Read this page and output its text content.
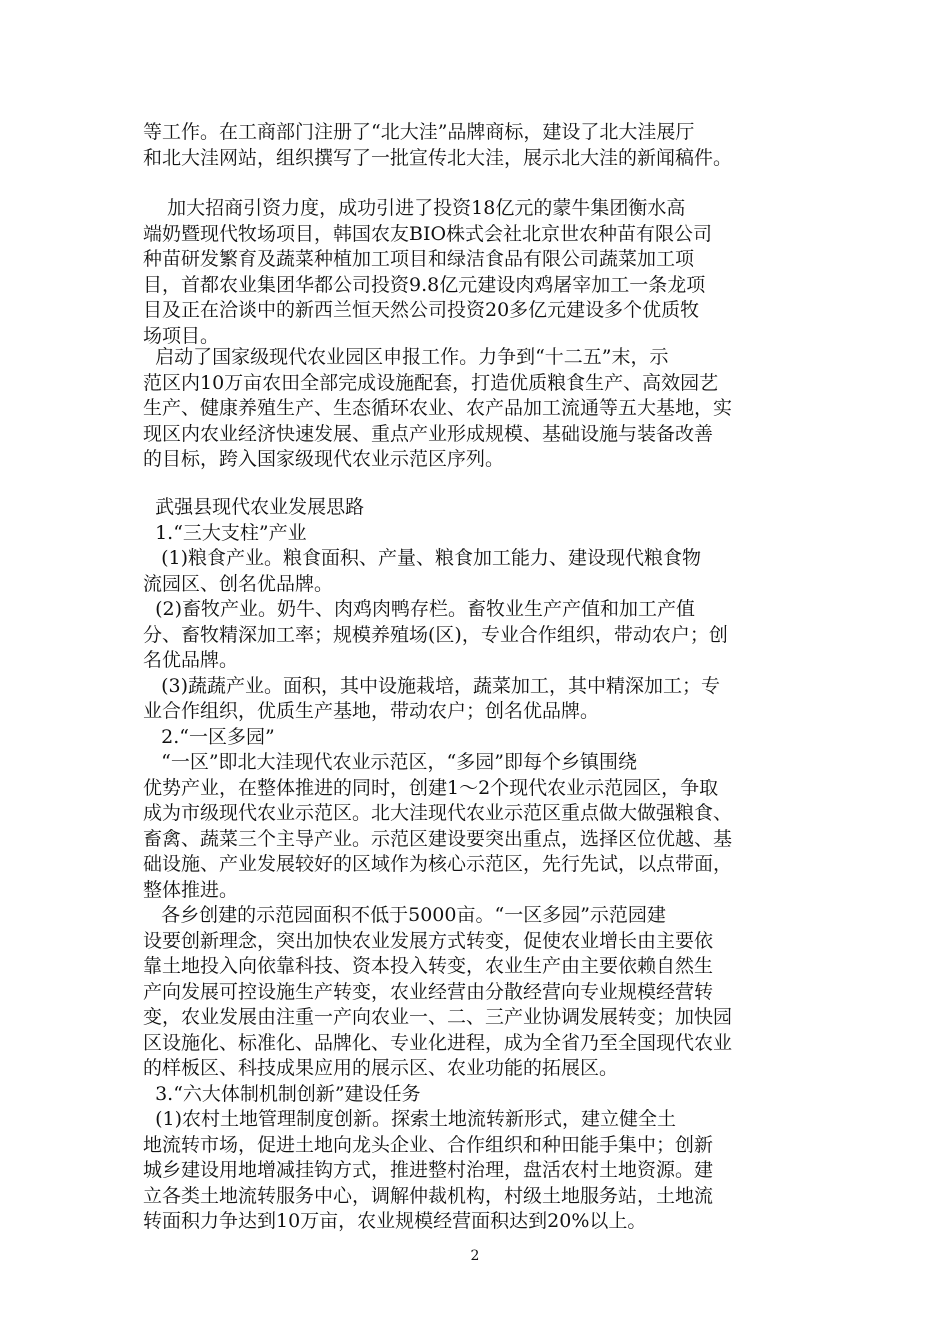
等工作。在工商部门注册了“北大洼”品牌商标，建设了北大洼展厅
和北大洼网站，组织撰写了一批宣传北大洼，展示北大洼的新闻稿件。

加大招商引资力度，成功引进了投资18亿元的蒙牛集团衡水高
端奶暨现代牧场项目，韩国农友BIO株式会社北京世农种苗有限公司
种苗研发繁育及蔬菜种植加工项目和绿洁食品有限公司蔬菜加工项
目，首都农业集团华都公司投资9.8亿元建设肉鸡屠宰加工一条龙项
目及正在洽谈中的新西兰恒天然公司投资20多亿元建设多个优质牧
场项目。

启动了国家级现代农业园区申报工作。力争到“十二五”末，示
范区内10万亩农田全部完成设施配套，打造优质粮食生产、高效园艺
生产、健康养殖生产、生态循环农业、农产品加工流通等五大基地，实
现区内农业经济快速发展、重点产业形成规模、基础设施与装备改善
的目标，跨入国家级现代农业示范区序列。

武强县现代农业发展思路
1.“三大支柱”产业
(1)粮食产业。粮食面积、产量、粮食加工能力、建设现代粮食物
流园区、创名优品牌。
(2)畜牧产业。奶牛、肉鸡肉鸭存栏。畜牧业生产产值和加工产值
分、畜牧精深加工率；规模养殖场(区)，专业合作组织，带动农户；创
名优品牌。
(3)蔬蔬产业。面积，其中设施栽培，蔬菜加工，其中精深加工；专
业合作组织，优质生产基地，带动农户；创名优品牌。
2.“一区多园”
“一区”即北大洼现代农业示范区，“多园”即每个乡镇围绕
优势产业，在整体推进的同时，创建1～2个现代农业示范园区，争取
成为市级现代农业示范区。北大洼现代农业示范区重点做大做强粮食、
畜禽、蔬菜三个主导产业。示范区建设要突出重点，选择区位优越、基
础设施、产业发展较好的区域作为核心示范区，先行先试，以点带面，
整体推进。
各乡创建的示范园面积不低于5000亩。“一区多园”示范园建
设要创新理念，突出加快农业发展方式转变，促使农业增长由主要依
靠土地投入向依靠科技、资本投入转变，农业生产由主要依赖自然生
产向发展可控设施生产转变，农业经营由分散经营向专业规模经营转
变，农业发展由注重一产向农业一、二、三产业协调发展转变；加快园
区设施化、标准化、品牌化、专业化进程，成为全省乃至全国现代农业
的样板区、科技成果应用的展示区、农业功能的拓展区。
3.“六大体制机制创新”建设任务
(1)农村土地管理制度创新。探索土地流转新形式，建立健全土
地流转市场，促进土地向龙头企业、合作组织和种田能手集中；创新
城乡建设用地增减挂钩方式，推进整村治理，盘活农村土地资源。建
立各类土地流转服务中心，调解仲裁机构，村级土地服务站，土地流
转面积力争达到10万亩，农业规模经营面积达到20%以上。

2
